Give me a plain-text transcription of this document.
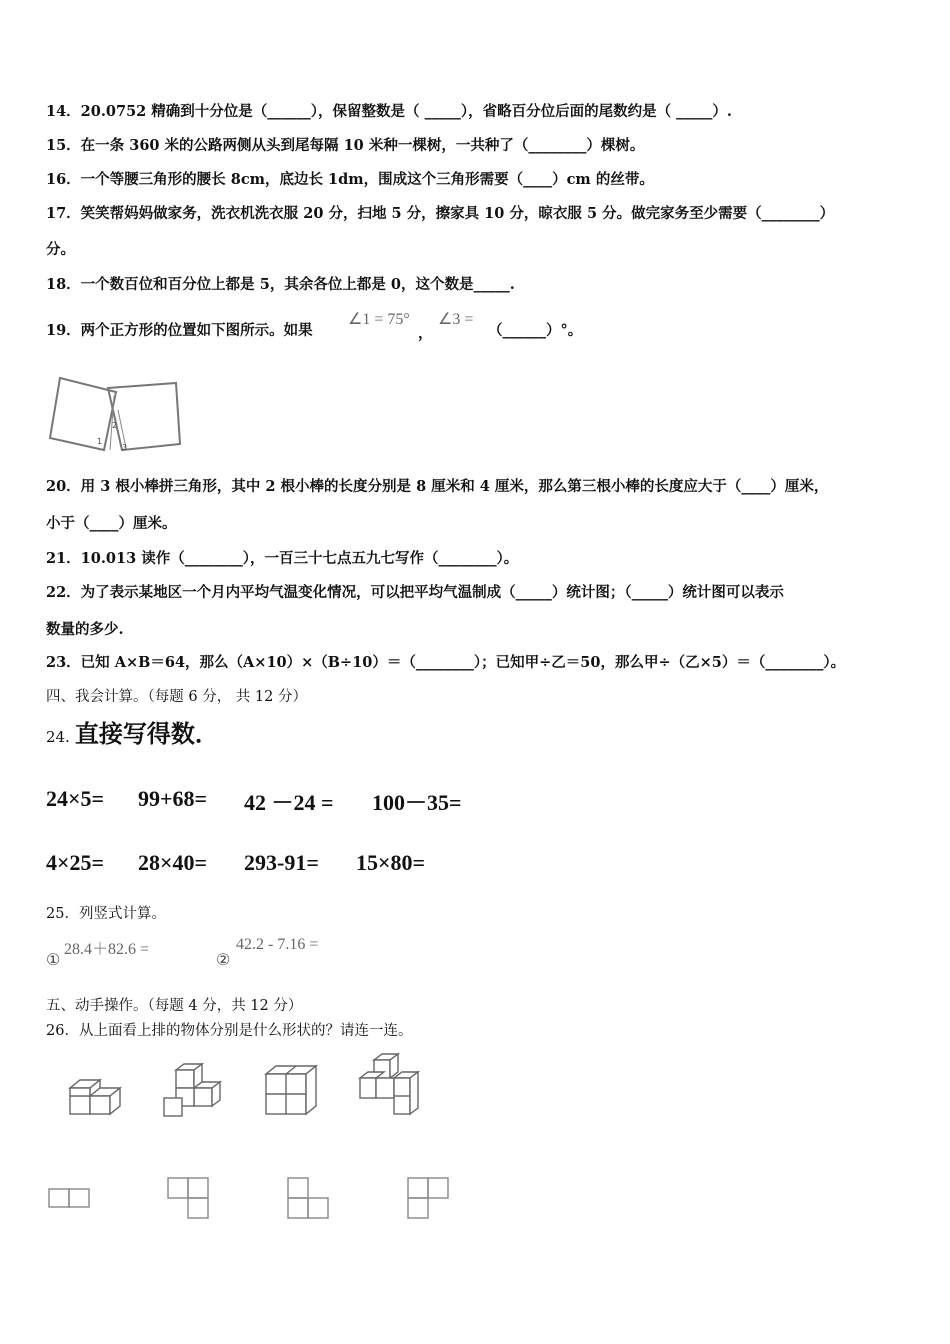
14．20.0752 精确到十分位是（______），保留整数是（ _____），省略百分位后面的尾数约是（ _____）.
15．在一条 360 米的公路两侧从头到尾每隔 10 米种一棵树，一共种了（________）棵树。
16．一个等腰三角形的腰长 8cm，底边长 1dm，围成这个三角形需要（____）cm 的丝带。
17．笑笑帮妈妈做家务，洗衣机洗衣服 20 分，扫地 5 分，擦家具 10 分，晾衣服 5 分。做完家务至少需要（________）
分。
18．一个数百位和百分位上都是 5，其余各位上都是 0，这个数是_____.
19．两个正方形的位置如下图所示。如果
∠1 = 75°
，
∠3 =
（______）°。
1
2
3
20．用 3 根小棒拼三角形，其中 2 根小棒的长度分别是 8 厘米和 4 厘米，那么第三根小棒的长度应大于（____）厘米，
小于（____）厘米。
21．10.013 读作（________），一百三十七点五九七写作（________）。
22．为了表示某地区一个月内平均气温变化情况，可以把平均气温制成（_____）统计图；（_____）统计图可以表示
数量的多少.
23．已知 A×B＝64，那么（A×10）×（B÷10）＝（________）；已知甲÷乙＝50，那么甲÷（乙×5）＝（________）。
四、我会计算。（每题 6 分， 共 12 分）
24. 直接写得数．
24×5= 99+68= 42 －24 = 100－35=
4×25= 28×40= 293-91= 15×80=
25．列竖式计算。
①
28.4＋82.6 =
②
42.2 - 7.16 =
五、动手操作。（每题 4 分，共 12 分）
26．从上面看上排的物体分别是什么形状的？请连一连。
